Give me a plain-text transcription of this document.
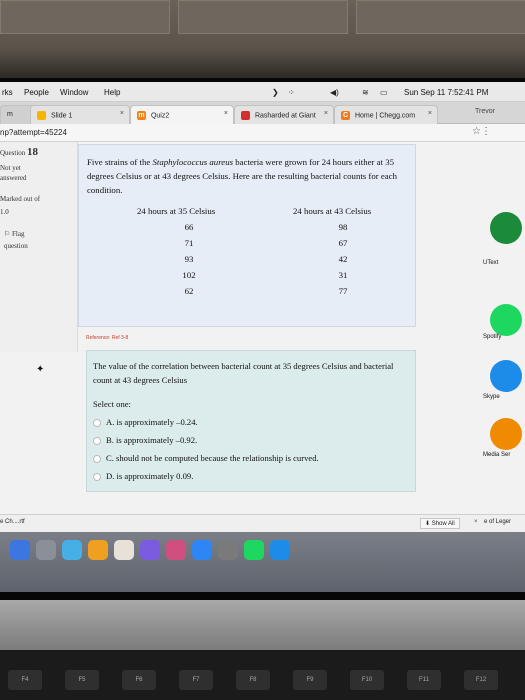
rks People Window Help	❯ ⁘	◀︎)	≋ ▭ Sun Sep 11 7:52:41 PM
m	Slide 1	×	m Quiz2	×	Rasharded at Giant ×	C Home | Chegg.com ×	Trevor
np?attempt=45224	☆ ⋮
Question 18
Not yet
answered
Marked out of
1.0
⚐ Flag
question
Five strains of the Staphylococcus aureus bacteria were grown for 24 hours either at 35 degrees Celsius or at 43 degrees Celsius. Here are the resulting bacterial counts for each condition.
24 hours at 35 Celsius	24 hours at 43 Celsius
66	98
71	67
93	42
102	31
62	77
Reference: Ref 3-8
The value of the correlation between bacterial count at 35 degrees Celsius and bacterial count at 43 degrees Celsius
Select one:
A. is approximately –0.24.
B. is approximately –0.92.
C. should not be computed because the relationship is curved.
D. is approximately 0.09.
✦
UText
Spotify
Skype
Media Ser
e Ch....rtf	⬇ Show All	× e of Leger
F4	F5	F6	F7	F8	F9	F10	F11	F12
